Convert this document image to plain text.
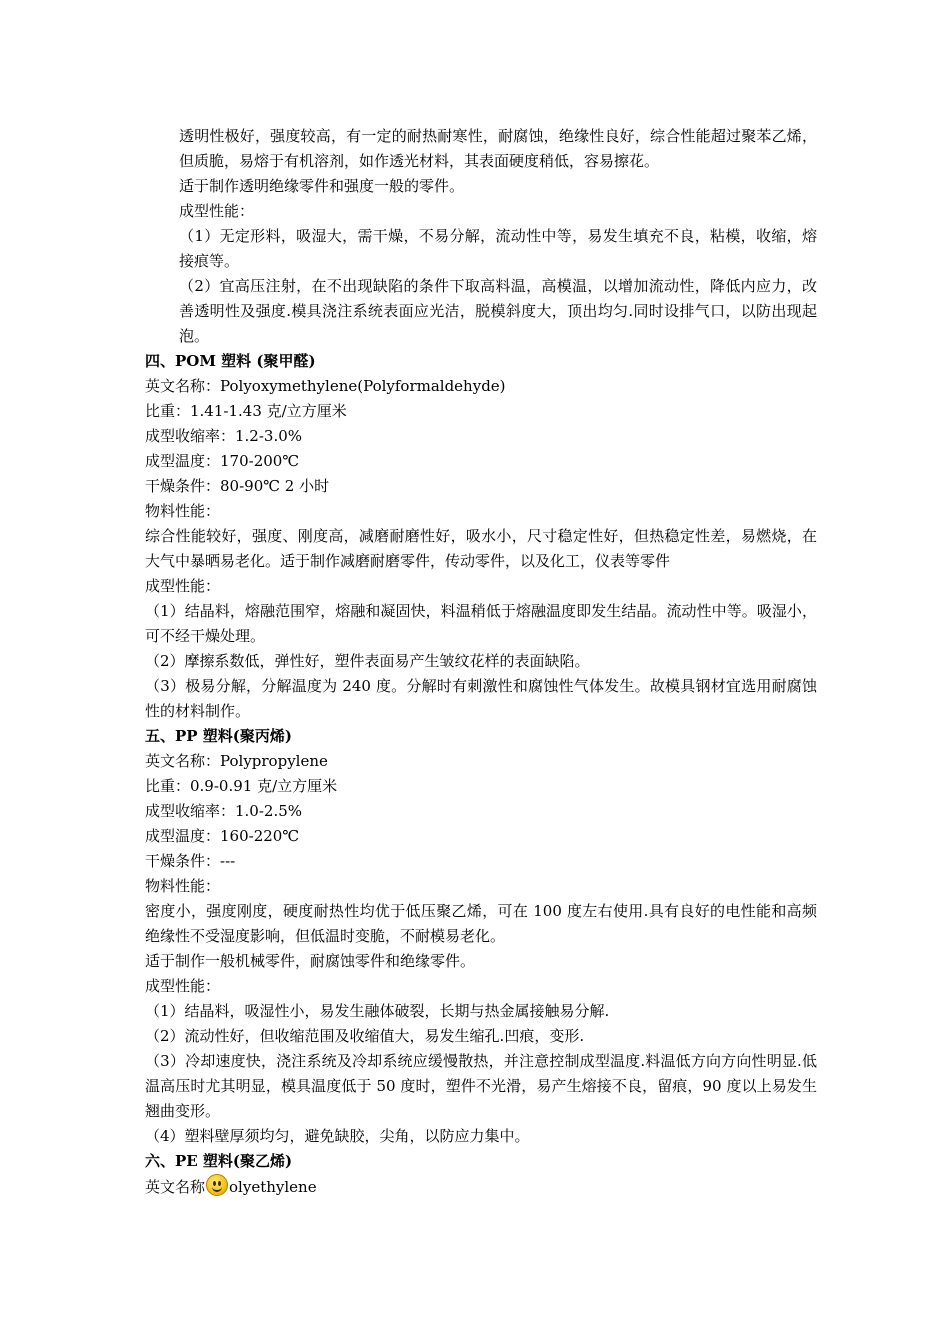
透明性极好，强度较高，有一定的耐热耐寒性，耐腐蚀，绝缘性良好，综合性能超过聚苯乙烯，但质脆，易熔于有机溶剂，如作透光材料，其表面硬度稍低，容易擦花。

适于制作透明绝缘零件和强度一般的零件。

成型性能：

（1）无定形料，吸湿大，需干燥，不易分解，流动性中等，易发生填充不良，粘模，收缩，熔接痕等。

（2）宜高压注射，在不出现缺陷的条件下取高料温，高模温，以增加流动性，降低内应力，改善透明性及强度.模具浇注系统表面应光洁，脱模斜度大，顶出均匀.同时设排气口，以防出现起泡。

四、POM 塑料 (聚甲醛)

英文名称：Polyoxymethylene(Polyformaldehyde)

比重：1.41-1.43 克/立方厘米

成型收缩率：1.2-3.0%

成型温度：170-200℃

干燥条件：80-90℃ 2 小时

物料性能：

综合性能较好，强度、刚度高，减磨耐磨性好，吸水小，尺寸稳定性好，但热稳定性差，易燃烧，在大气中暴晒易老化。适于制作减磨耐磨零件，传动零件，以及化工，仪表等零件

成型性能：

（1）结晶料，熔融范围窄，熔融和凝固快，料温稍低于熔融温度即发生结晶。流动性中等。吸湿小，可不经干燥处理。

（2）摩擦系数低，弹性好，塑件表面易产生皱纹花样的表面缺陷。

（3）极易分解，分解温度为 240 度。分解时有刺激性和腐蚀性气体发生。故模具钢材宜选用耐腐蚀性的材料制作。

五、PP 塑料(聚丙烯)

英文名称：Polypropylene

比重：0.9-0.91 克/立方厘米

成型收缩率：1.0-2.5%

成型温度：160-220℃

干燥条件：---

物料性能：

密度小，强度刚度，硬度耐热性均优于低压聚乙烯，可在 100 度左右使用.具有良好的电性能和高频绝缘性不受湿度影响，但低温时变脆，不耐模易老化。

适于制作一般机械零件，耐腐蚀零件和绝缘零件。

成型性能：

（1）结晶料，吸湿性小，易发生融体破裂，长期与热金属接触易分解.

（2）流动性好，但收缩范围及收缩值大，易发生缩孔.凹痕，变形.

（3）冷却速度快，浇注系统及冷却系统应缓慢散热，并注意控制成型温度.料温低方向方向性明显.低温高压时尤其明显，模具温度低于 50 度时，塑件不光滑，易产生熔接不良，留痕，90 度以上易发生翘曲变形。

（4）塑料壁厚须均匀，避免缺胶，尖角，以防应力集中。

六、PE 塑料(聚乙烯)

英文名称 olyethylene
